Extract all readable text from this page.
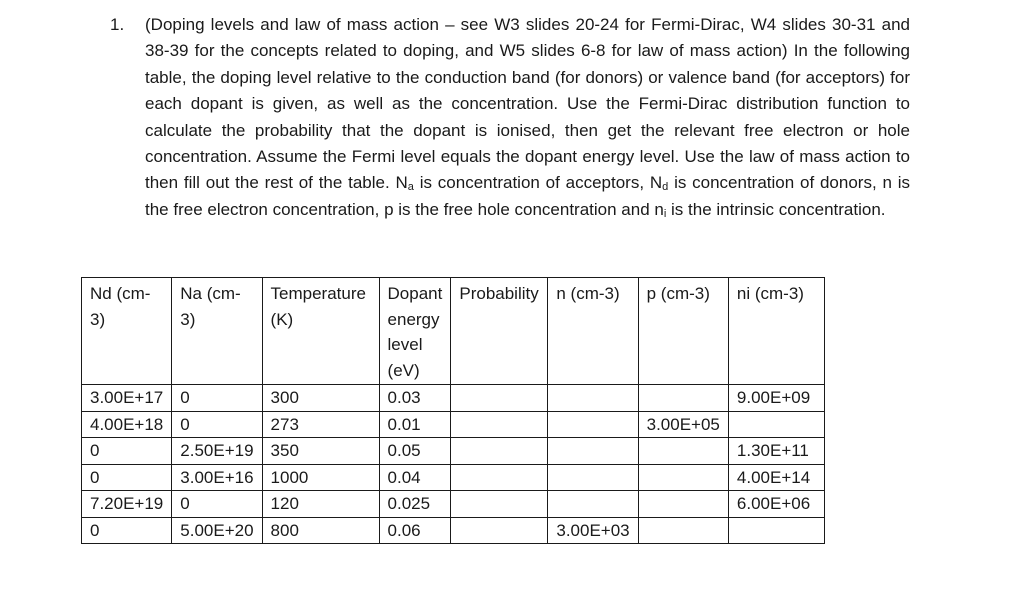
1.	(Doping levels and law of mass action – see W3 slides 20-24 for Fermi-Dirac, W4 slides 30-31 and 38-39 for the concepts related to doping, and W5 slides 6-8 for law of mass action) In the following table, the doping level relative to the conduction band (for donors) or valence band (for acceptors) for each dopant is given, as well as the concentration. Use the Fermi-Dirac distribution function to calculate the probability that the dopant is ionised, then get the relevant free electron or hole concentration. Assume the Fermi level equals the dopant energy level. Use the law of mass action to then fill out the rest of the table. $N_a$ is concentration of acceptors, $N_d$ is concentration of donors, n is the free electron concentration, p is the free hole concentration and $n_i$ is the intrinsic concentration.
Nd (cm-3)	Na (cm-3)	Temperature (K)	Dopant energy level (eV)	Probability	n (cm-3)	p (cm-3)	ni (cm-3)
3.00E+17	0	300	0.03				9.00E+09
4.00E+18	0	273	0.01			3.00E+05	
0	2.50E+19	350	0.05				1.30E+11
0	3.00E+16	1000	0.04				4.00E+14
7.20E+19	0	120	0.025				6.00E+06
0	5.00E+20	800	0.06		3.00E+03		
